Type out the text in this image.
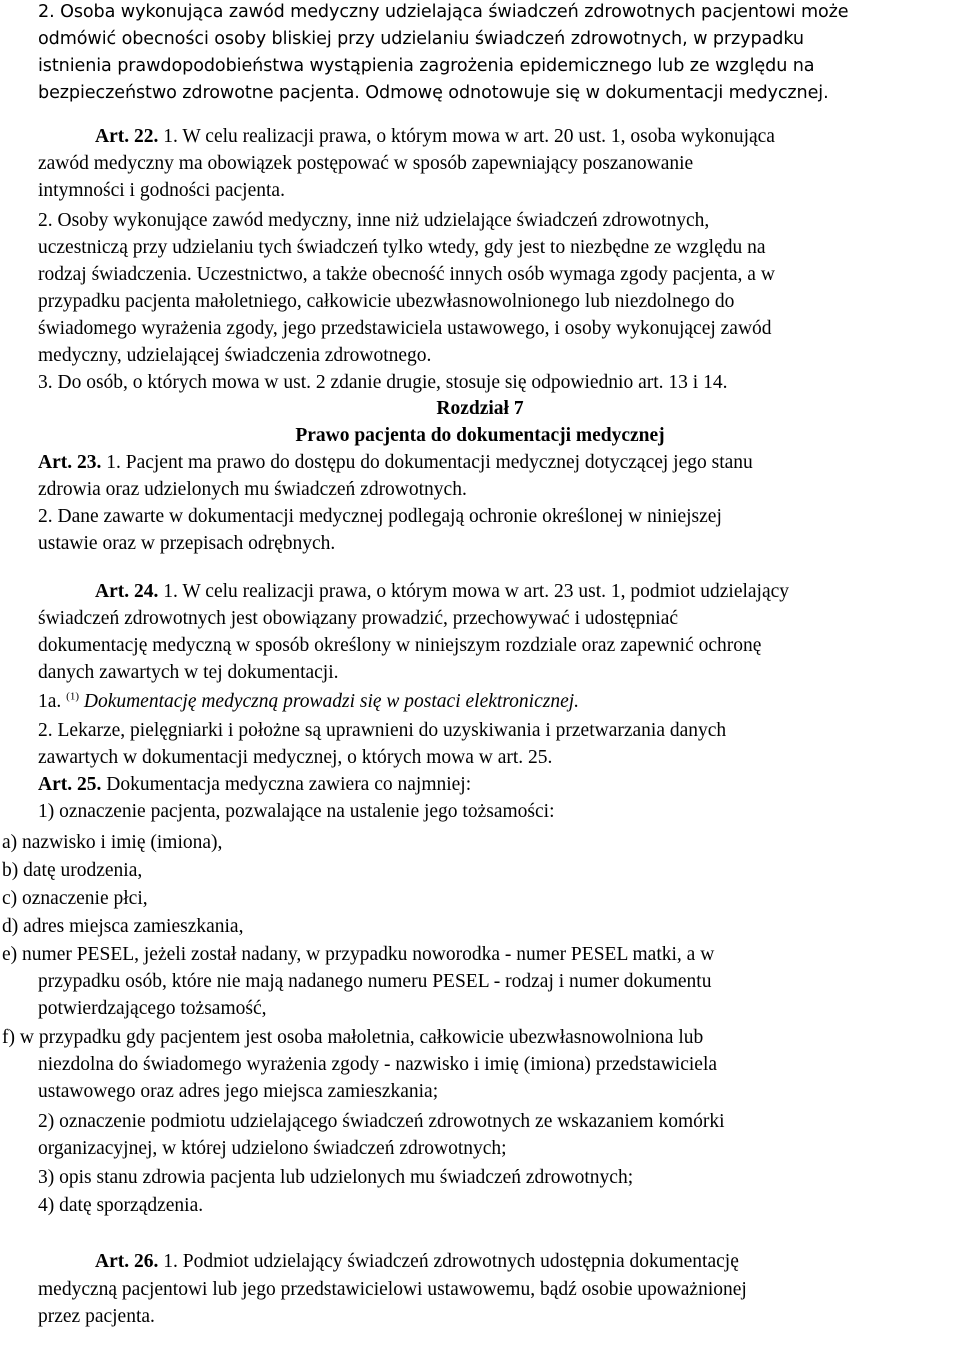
2. Osoba wykonująca zawód medyczny udzielająca świadczeń zdrowotnych pacjentowi może
odmówić obecności osoby bliskiej przy udzielaniu świadczeń zdrowotnych, w przypadku
istnienia prawdopodobieństwa wystąpienia zagrożenia epidemicznego lub ze względu na
bezpieczeństwo zdrowotne pacjenta. Odmowę odnotowuje się w dokumentacji medycznej.
Art. 22. 1. W celu realizacji prawa, o którym mowa w art. 20 ust. 1, osoba wykonująca
zawód medyczny ma obowiązek postępować w sposób zapewniający poszanowanie
intymności i godności pacjenta.
2. Osoby wykonujące zawód medyczny, inne niż udzielające świadczeń zdrowotnych,
uczestniczą przy udzielaniu tych świadczeń tylko wtedy, gdy jest to niezbędne ze względu na
rodzaj świadczenia. Uczestnictwo, a także obecność innych osób wymaga zgody pacjenta, a w
przypadku pacjenta małoletniego, całkowicie ubezwłasnowolnionego lub niezdolnego do
świadomego wyrażenia zgody, jego przedstawiciela ustawowego, i osoby wykonującej zawód
medyczny, udzielającej świadczenia zdrowotnego.
3. Do osób, o których mowa w ust. 2 zdanie drugie, stosuje się odpowiednio art. 13 i 14.
Rozdział 7
Prawo pacjenta do dokumentacji medycznej
Art. 23. 1. Pacjent ma prawo do dostępu do dokumentacji medycznej dotyczącej jego stanu
zdrowia oraz udzielonych mu świadczeń zdrowotnych.
2. Dane zawarte w dokumentacji medycznej podlegają ochronie określonej w niniejszej
ustawie oraz w przepisach odrębnych.
Art. 24. 1. W celu realizacji prawa, o którym mowa w art. 23 ust. 1, podmiot udzielający
świadczeń zdrowotnych jest obowiązany prowadzić, przechowywać i udostępniać
dokumentację medyczną w sposób określony w niniejszym rozdziale oraz zapewnić ochronę
danych zawartych w tej dokumentacji.
1a. $^{(1)}$ Dokumentację medyczną prowadzi się w postaci elektronicznej.
2. Lekarze, pielęgniarki i położne są uprawnieni do uzyskiwania i przetwarzania danych
zawartych w dokumentacji medycznej, o których mowa w art. 25.
Art. 25. Dokumentacja medyczna zawiera co najmniej:
1) oznaczenie pacjenta, pozwalające na ustalenie jego tożsamości:
a) nazwisko i imię (imiona),
b) datę urodzenia,
c) oznaczenie płci,
d) adres miejsca zamieszkania,
e) numer PESEL, jeżeli został nadany, w przypadku noworodka - numer PESEL matki, a w
przypadku osób, które nie mają nadanego numeru PESEL - rodzaj i numer dokumentu
potwierdzającego tożsamość,
f) w przypadku gdy pacjentem jest osoba małoletnia, całkowicie ubezwłasnowolniona lub
niezdolna do świadomego wyrażenia zgody - nazwisko i imię (imiona) przedstawiciela
ustawowego oraz adres jego miejsca zamieszkania;
2) oznaczenie podmiotu udzielającego świadczeń zdrowotnych ze wskazaniem komórki
organizacyjnej, w której udzielono świadczeń zdrowotnych;
3) opis stanu zdrowia pacjenta lub udzielonych mu świadczeń zdrowotnych;
4) datę sporządzenia.
Art. 26. 1. Podmiot udzielający świadczeń zdrowotnych udostępnia dokumentację
medyczną pacjentowi lub jego przedstawicielowi ustawowemu, bądź osobie upoważnionej
przez pacjenta.
